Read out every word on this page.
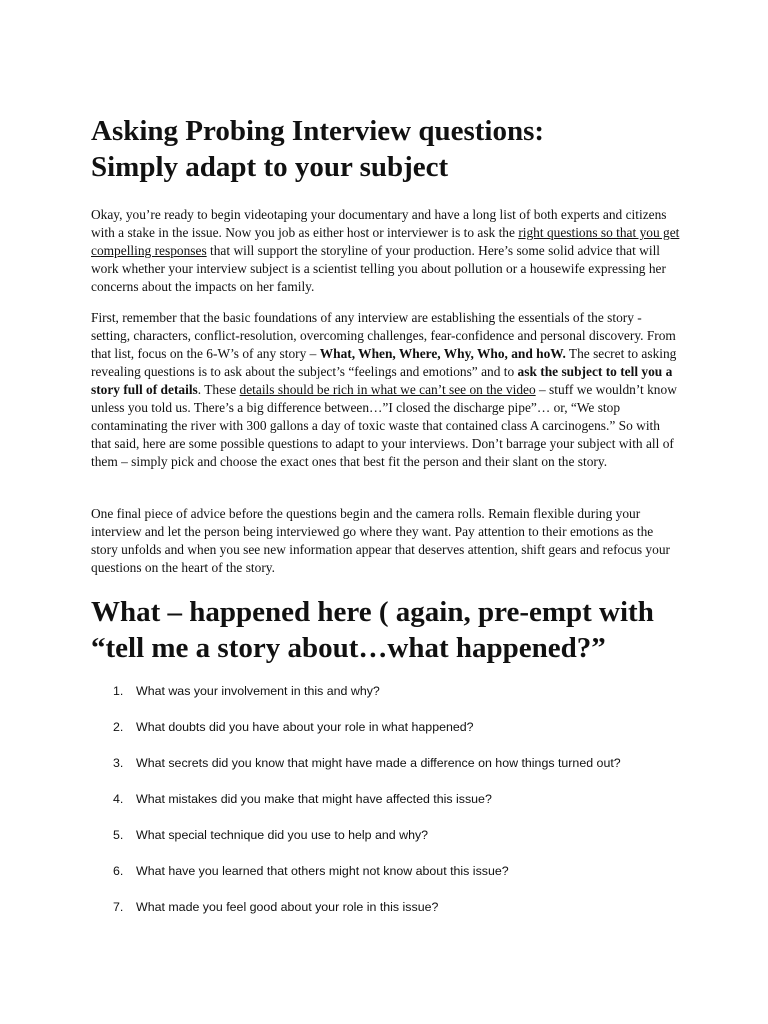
Asking Probing Interview questions:
Simply adapt to your subject

Okay, you’re ready to begin videotaping your documentary and have a long list of both experts and citizens with a stake in the issue. Now you job as either host or interviewer is to ask the right questions so that you get compelling responses that will support the storyline of your production. Here’s some solid advice that will work whether your interview subject is a scientist telling you about pollution or a housewife expressing her concerns about the impacts on her family.

First, remember that the basic foundations of any interview are establishing the essentials of the story - setting, characters, conflict-resolution, overcoming challenges, fear-confidence and personal discovery. From that list, focus on the 6-W’s of any story – What, When, Where, Why, Who, and hoW. The secret to asking revealing questions is to ask about the subject’s “feelings and emotions” and to ask the subject to tell you a story full of details. These details should be rich in what we can’t see on the video – stuff we wouldn’t know unless you told us. There’s a big difference between…”I closed the discharge pipe”… or, “We stop contaminating the river with 300 gallons a day of toxic waste that contained class A carcinogens.” So with that said, here are some possible questions to adapt to your interviews. Don’t barrage your subject with all of them – simply pick and choose the exact ones that best fit the person and their slant on the story.

One final piece of advice before the questions begin and the camera rolls. Remain flexible during your interview and let the person being interviewed go where they want. Pay attention to their emotions as the story unfolds and when you see new information appear that deserves attention, shift gears and refocus your questions on the heart of the story.

What – happened here ( again, pre-empt with
“tell me a story about…what happened?”
1.	What was your involvement in this and why?
2.	What doubts did you have about your role in what happened?
3.	What secrets did you know that might have made a difference on how things turned out?
4.	What mistakes did you make that might have affected this issue?
5.	What special technique did you use to help and why?
6.	What have you learned that others might not know about this issue?
7.	What made you feel good about your role in this issue?
